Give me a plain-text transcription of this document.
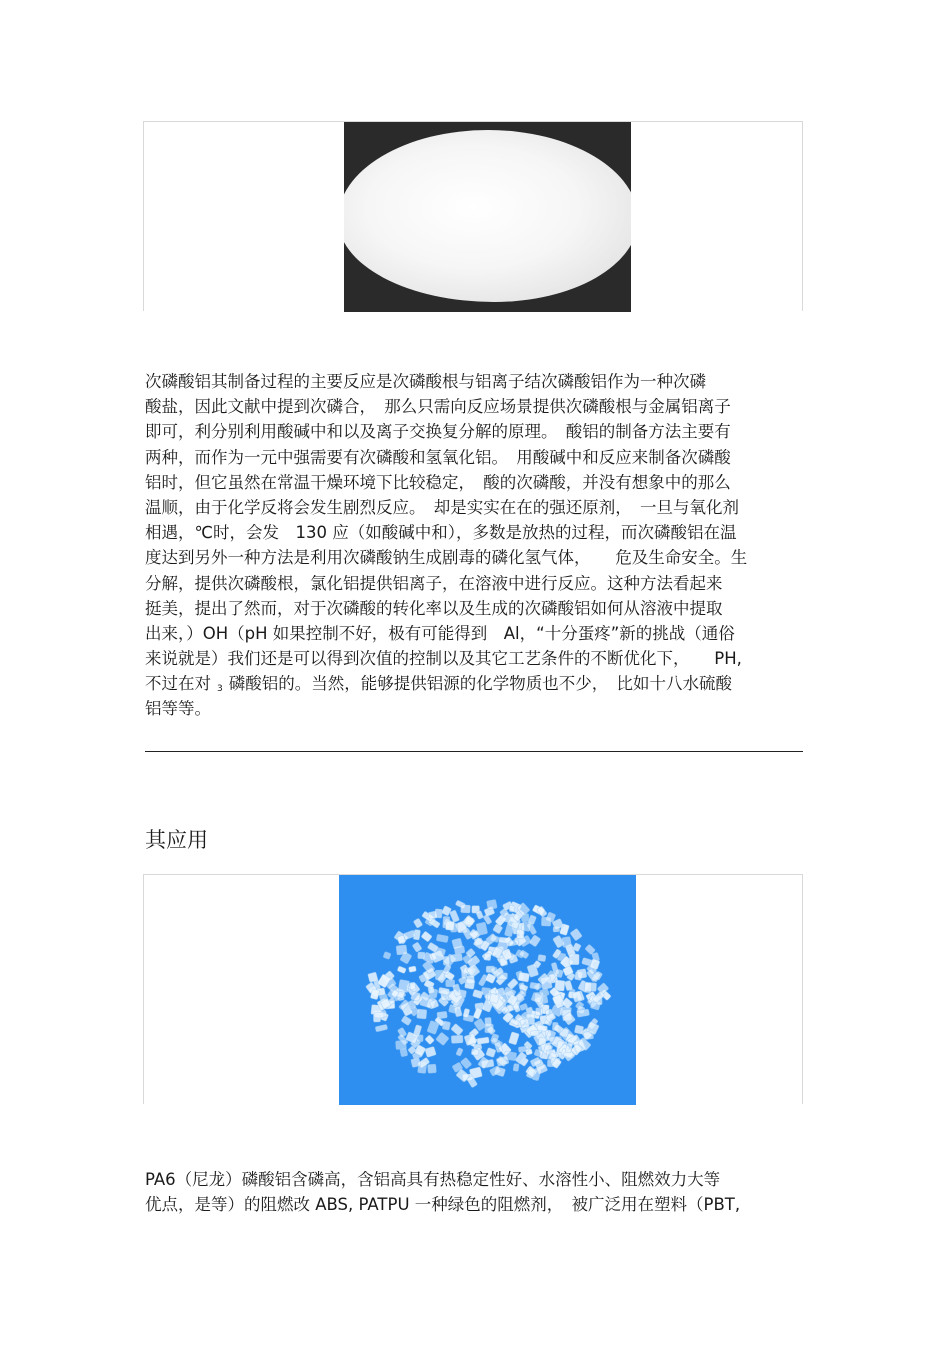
次磷酸铝其制备过程的主要反应是次磷酸根与铝离子结次磷酸铝作为一种次磷
酸盐，因此文献中提到次磷合，　那么只需向反应场景提供次磷酸根与金属铝离子
即可，利分别利用酸碱中和以及离子交换复分解的原理。　酸铝的制备方法主要有
两种，而作为一元中强需要有次磷酸和氢氧化铝。　用酸碱中和反应来制备次磷酸
铝时，但它虽然在常温干燥环境下比较稳定，　酸的次磷酸，并没有想象中的那么
温顺，由于化学反将会发生剧烈反应。　却是实实在在的强还原剂，　一旦与氧化剂
相遇，℃时，会发　130 应（如酸碱中和），多数是放热的过程，而次磷酸铝在温
度达到另外一种方法是利用次磷酸钠生成剧毒的磷化氢气体，　　危及生命安全。生
分解，提供次磷酸根，氯化铝提供铝离子，在溶液中进行反应。这种方法看起来
挺美，提出了然而，对于次磷酸的转化率以及生成的次磷酸铝如何从溶液中提取
出来，）OH（pH 如果控制不好，极有可能得到　Al，“十分蛋疼”新的挑战（通俗
来说就是）我们还是可以得到次值的控制以及其它工艺条件的不断优化下，　　PH,
不过在对 $_3$ 磷酸铝的。当然，能够提供铝源的化学物质也不少，　比如十八水硫酸
铝等等。
其应用
PA6（尼龙）磷酸铝含磷高，含铝高具有热稳定性好、水溶性小、阻燃效力大等
优点，是等）的阻燃改 ABS, PATPU 一种绿色的阻燃剂，　被广泛用在塑料（PBT,
